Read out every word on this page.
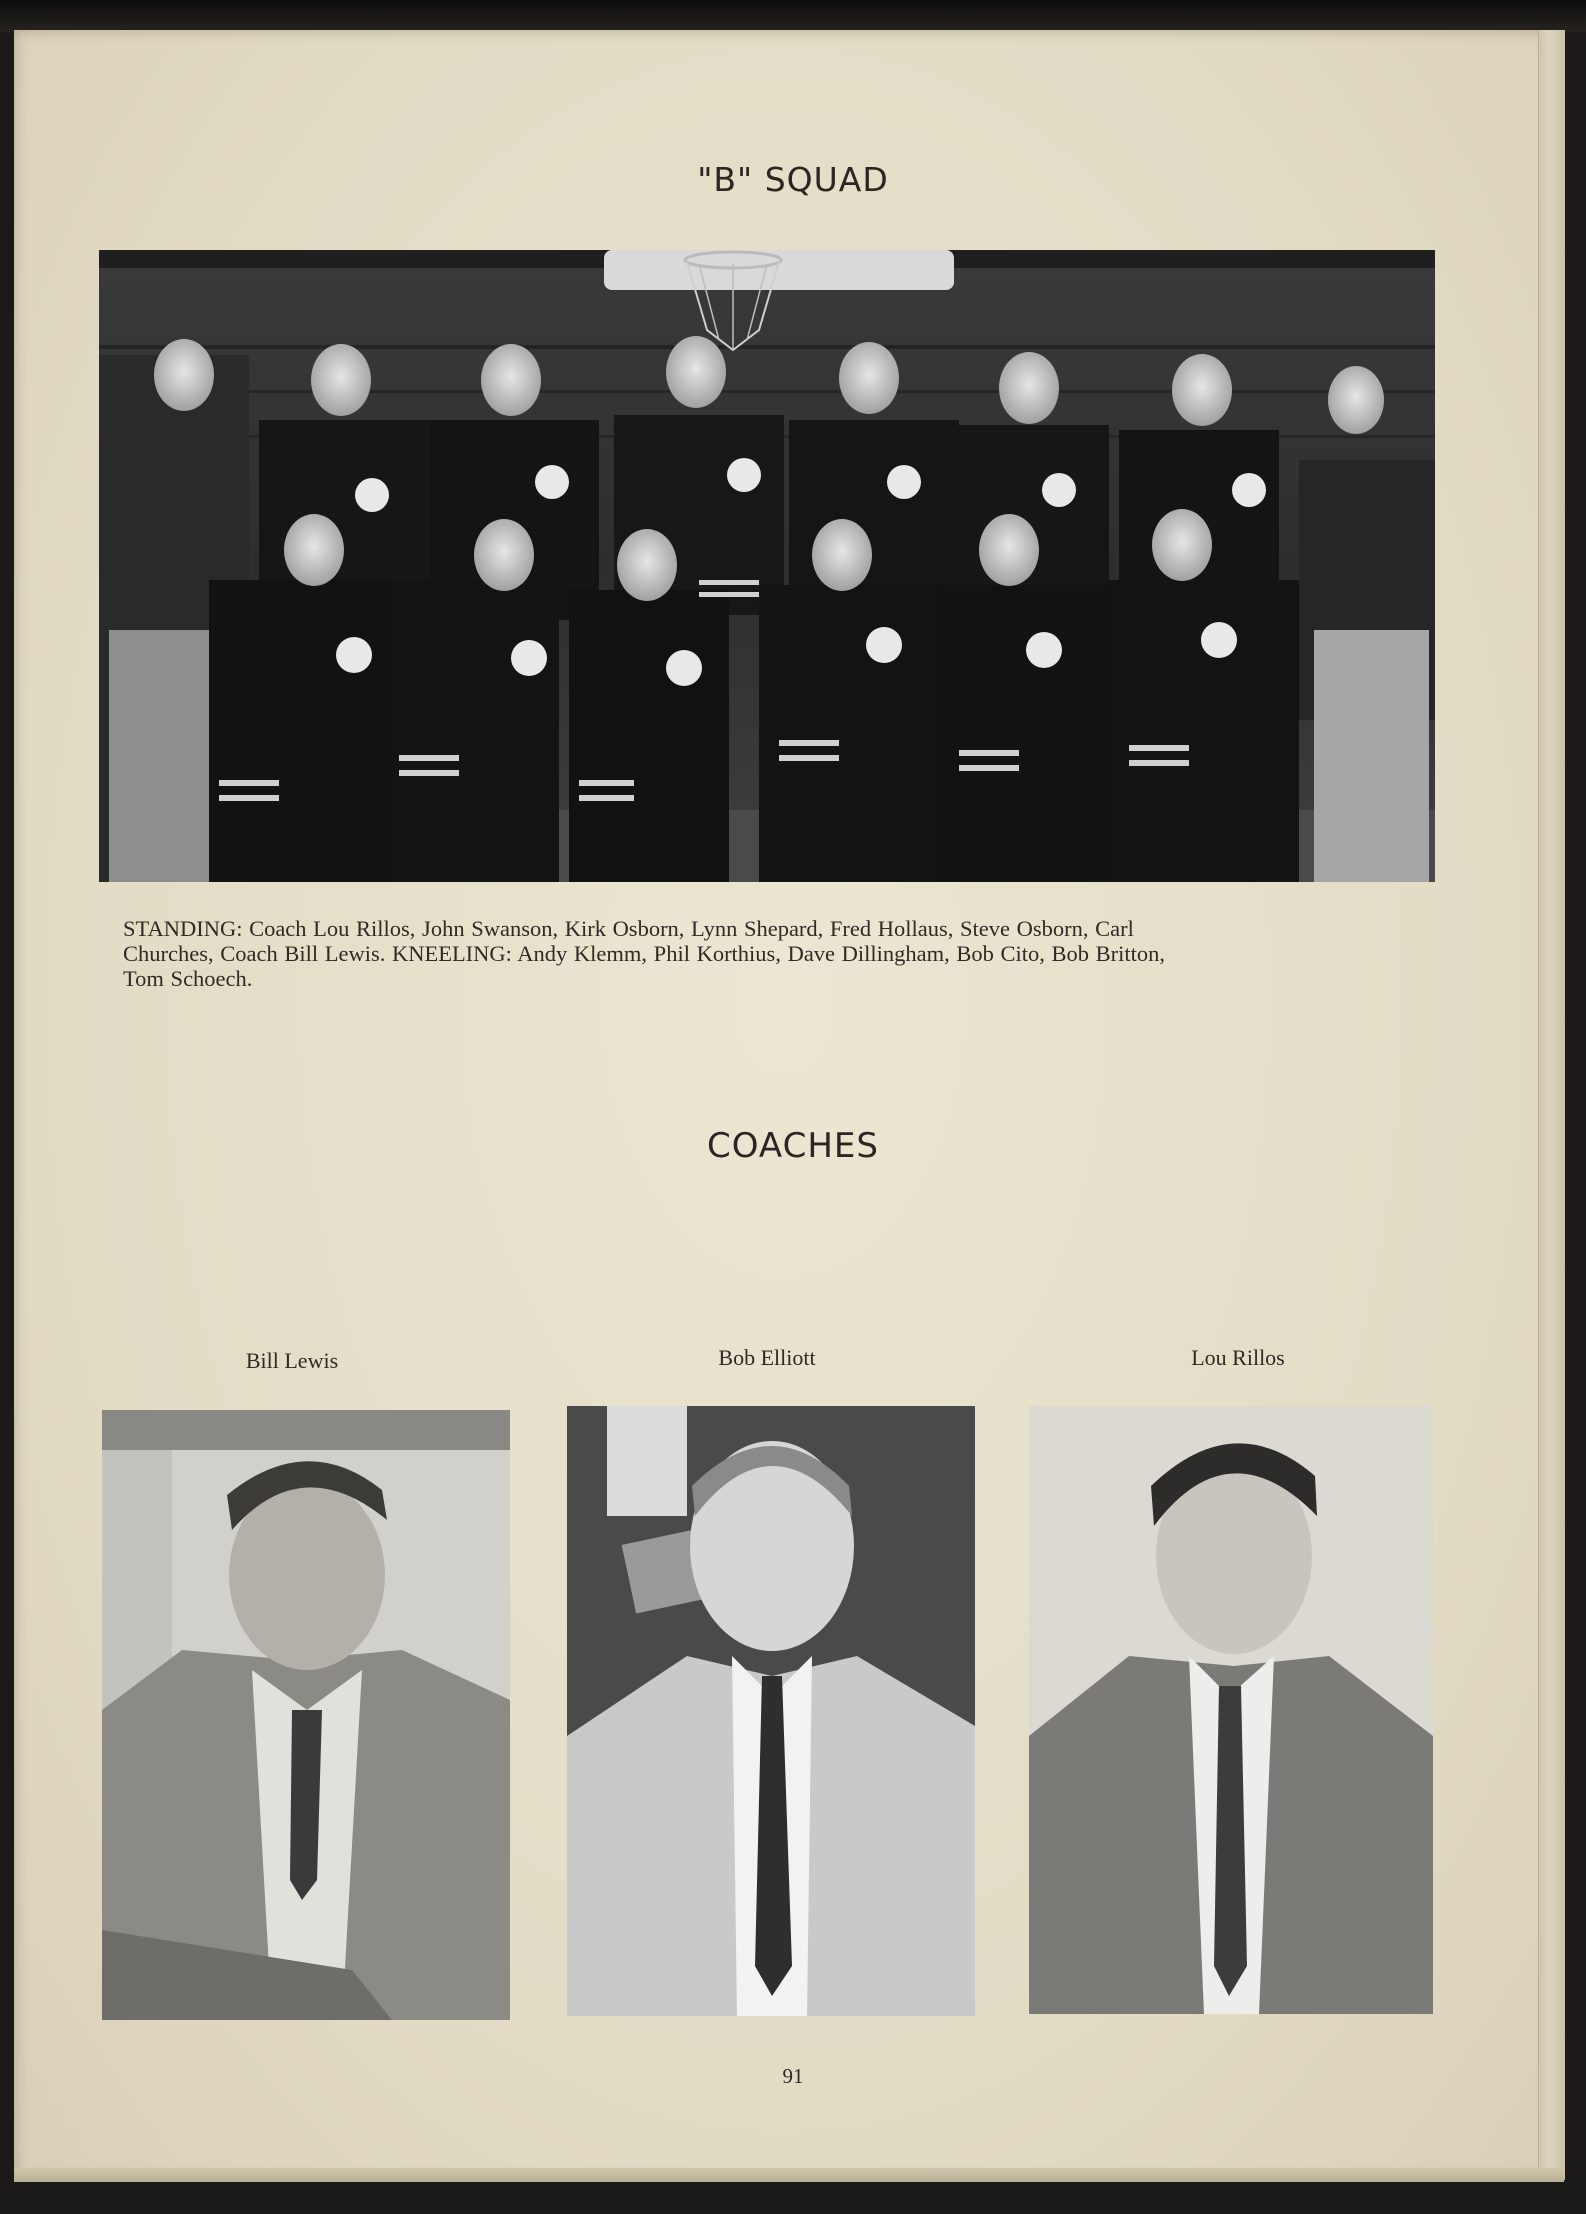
"B" SQUAD
STANDING: Coach Lou Rillos, John Swanson, Kirk Osborn, Lynn Shepard, Fred Hollaus, Steve Osborn, Carl
Churches, Coach Bill Lewis. KNEELING: Andy Klemm, Phil Korthius, Dave Dillingham, Bob Cito, Bob Britton,
Tom Schoech.
COACHES
Bill Lewis	Bob Elliott	Lou Rillos
91
